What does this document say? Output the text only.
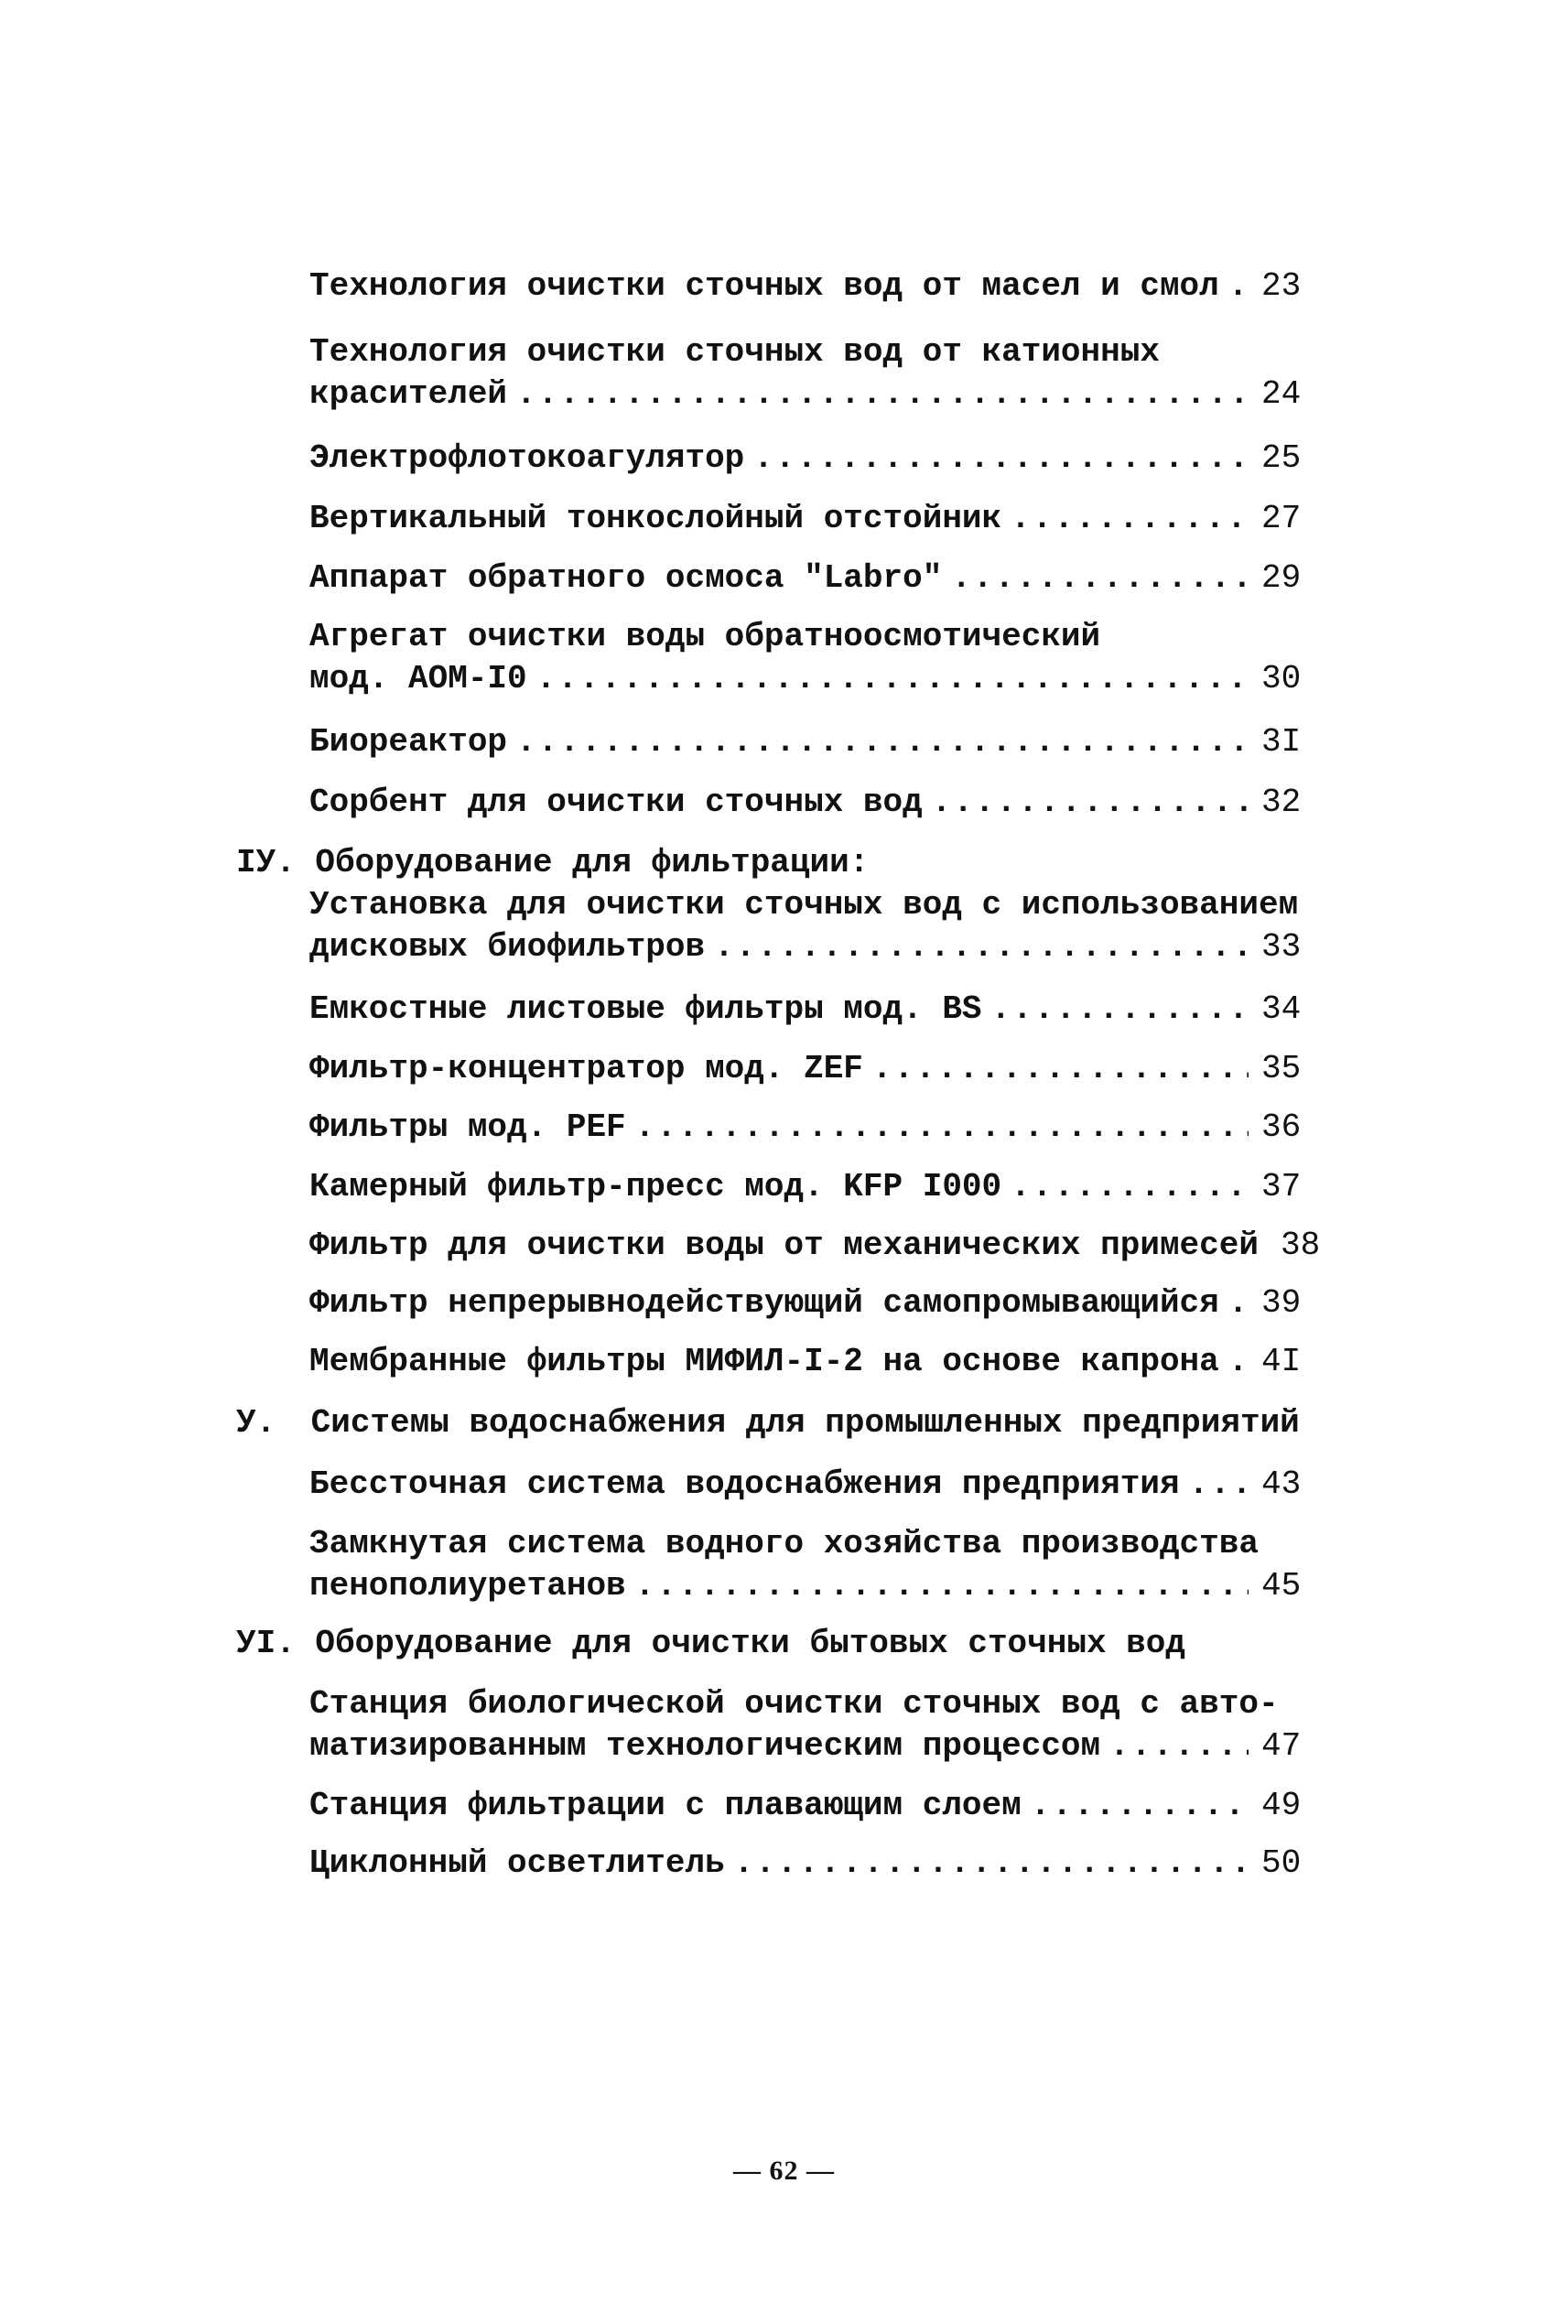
Технология очистки сточных вод от масел и смол ..... 23
Технология очистки сточных вод от катионных
красителей .....	24
Электрофлотокоагулятор .....	25
Вертикальный тонкослойный отстойник .....	27
Аппарат обратного осмоса "Labro" .....	29
Агрегат очистки воды обратноосмотический
мод. АОМ-I0 .....	30
Биореактор .....	3I
Сорбент для очистки сточных вод .....	32
IУ. Оборудование для фильтрации:
Установка для очистки сточных вод с использованием
дисковых биофильтров .....	33
Емкостные листовые фильтры мод. BS .....	34
Фильтр-концентратор мод. ZEF .....	35
Фильтры мод. PEF .....	36
Камерный фильтр-пресс мод. KFP I000 .....	37
Фильтр для очистки воды от механических примесей 38
Фильтр непрерывнодействующий самопромывающийся ..... 39
Мембранные фильтры МИФИЛ-I-2 на основе капрона ..... 4I
У. Системы водоснабжения для промышленных предприятий
Бессточная система водоснабжения предприятия ..... 43
Замкнутая система водного хозяйства производства
пенополиуретанов .....	45
УI. Оборудование для очистки бытовых сточных вод
Станция биологической очистки сточных вод с авто-
матизированным технологическим процессом .....	47
Станция фильтрации с плавающим слоем .....	49
Циклонный осветлитель .....	50
— 62 —
